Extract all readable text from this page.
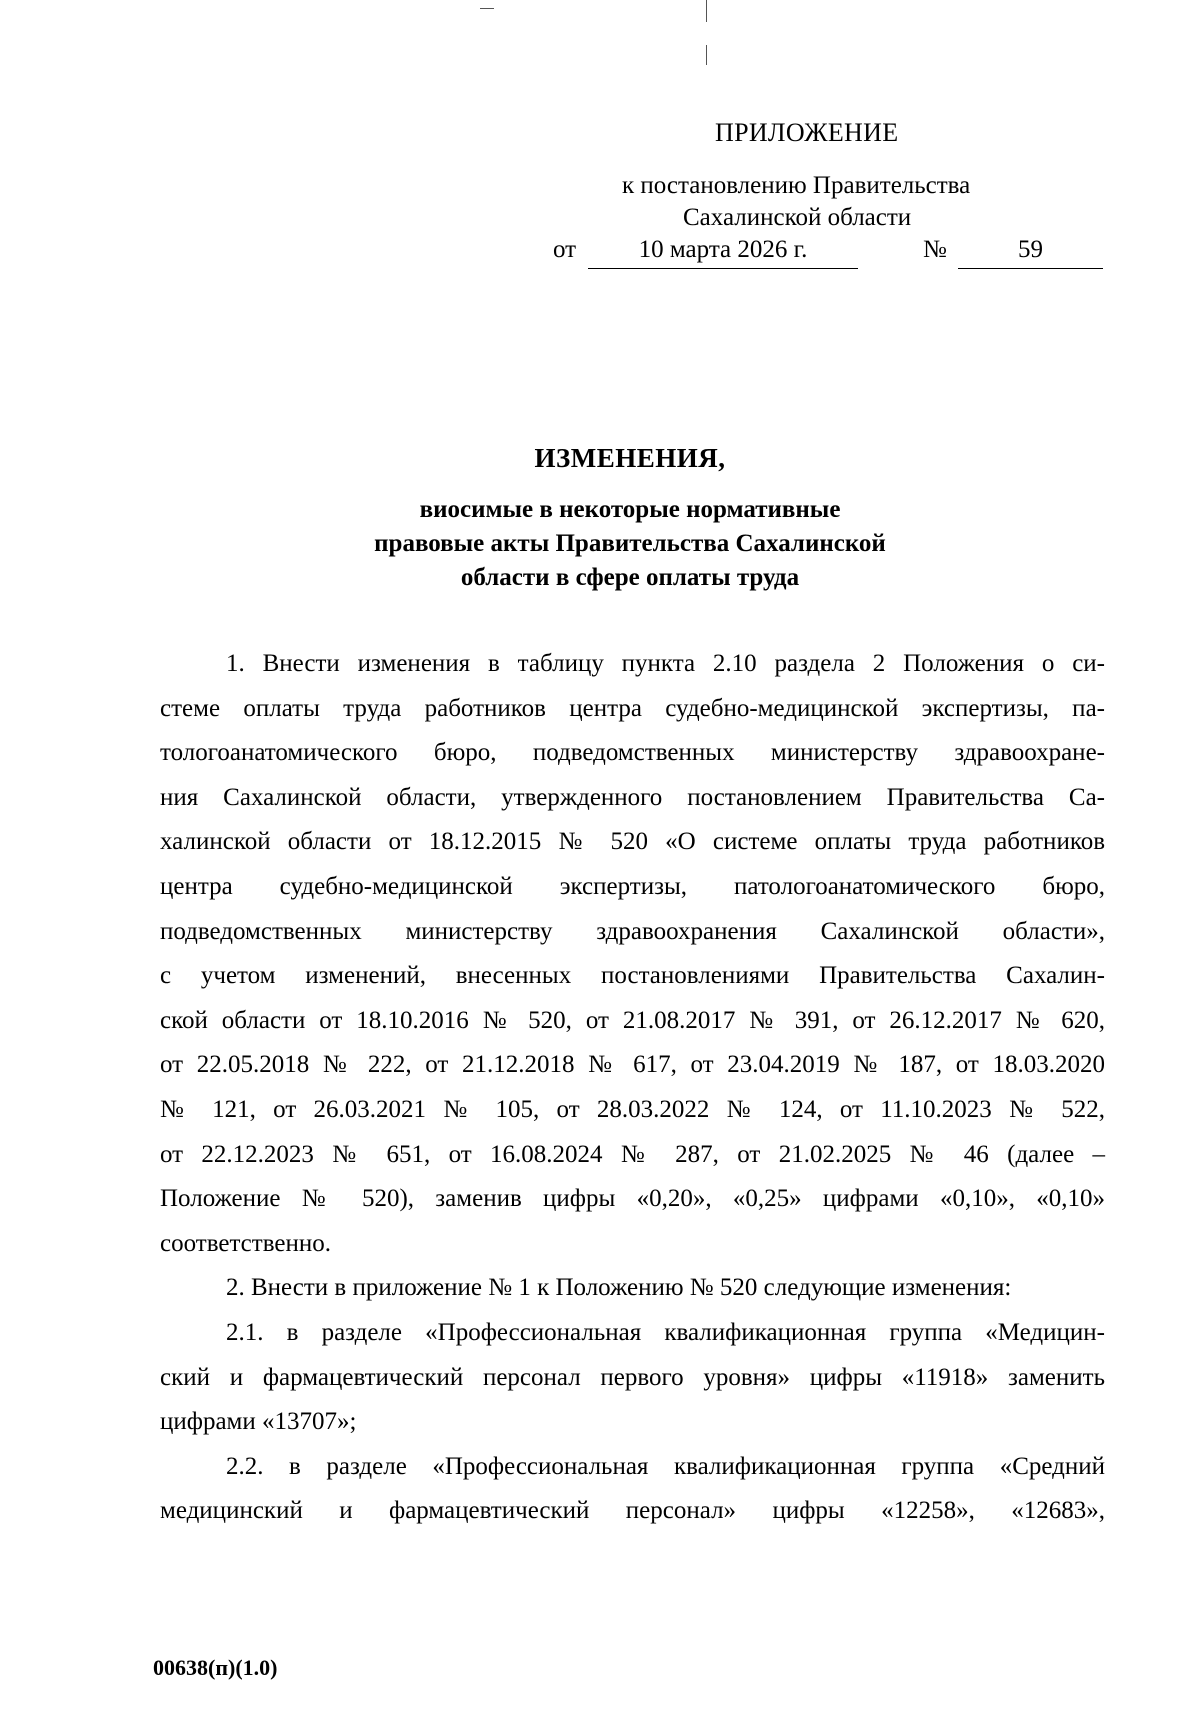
ПРИЛОЖЕНИЕ
к постановлению Правительства
Сахалинской области
от	10 марта 2026 г.	№	59
ИЗМЕНЕНИЯ,
виосимые в некоторые нормативные
правовые акты Правительства Сахалинской
области в сфере оплаты труда
1. Внести изменения в таблицу пункта 2.10 раздела 2 Положения о си-
стеме оплаты труда работников центра судебно-медицинской экспертизы, па-
тологоанатомического бюро, подведомственных министерству здравоохране-
ния Сахалинской области, утвержденного постановлением Правительства Са-
халинской области от 18.12.2015 № 520 «О системе оплаты труда работников
центра судебно-медицинской экспертизы, патологоанатомического бюро,
подведомственных министерству здравоохранения Сахалинской области»,
с учетом изменений, внесенных постановлениями Правительства Сахалин-
ской области от 18.10.2016 № 520, от 21.08.2017 № 391, от 26.12.2017 № 620,
от 22.05.2018 № 222, от 21.12.2018 № 617, от 23.04.2019 № 187, от 18.03.2020
№ 121, от 26.03.2021 № 105, от 28.03.2022 № 124, от 11.10.2023 № 522,
от 22.12.2023 № 651, от 16.08.2024 № 287, от 21.02.2025 № 46 (далее –
Положение № 520), заменив цифры «0,20», «0,25» цифрами «0,10», «0,10»
соответственно.
2. Внести в приложение № 1 к Положению № 520 следующие изменения:
2.1. в разделе «Профессиональная квалификационная группа «Медицин-
ский и фармацевтический персонал первого уровня» цифры «11918» заменить
цифрами «13707»;
2.2. в разделе «Профессиональная квалификационная группа «Средний
медицинский и фармацевтический персонал» цифры «12258», «12683»,
00638(п)(1.0)
